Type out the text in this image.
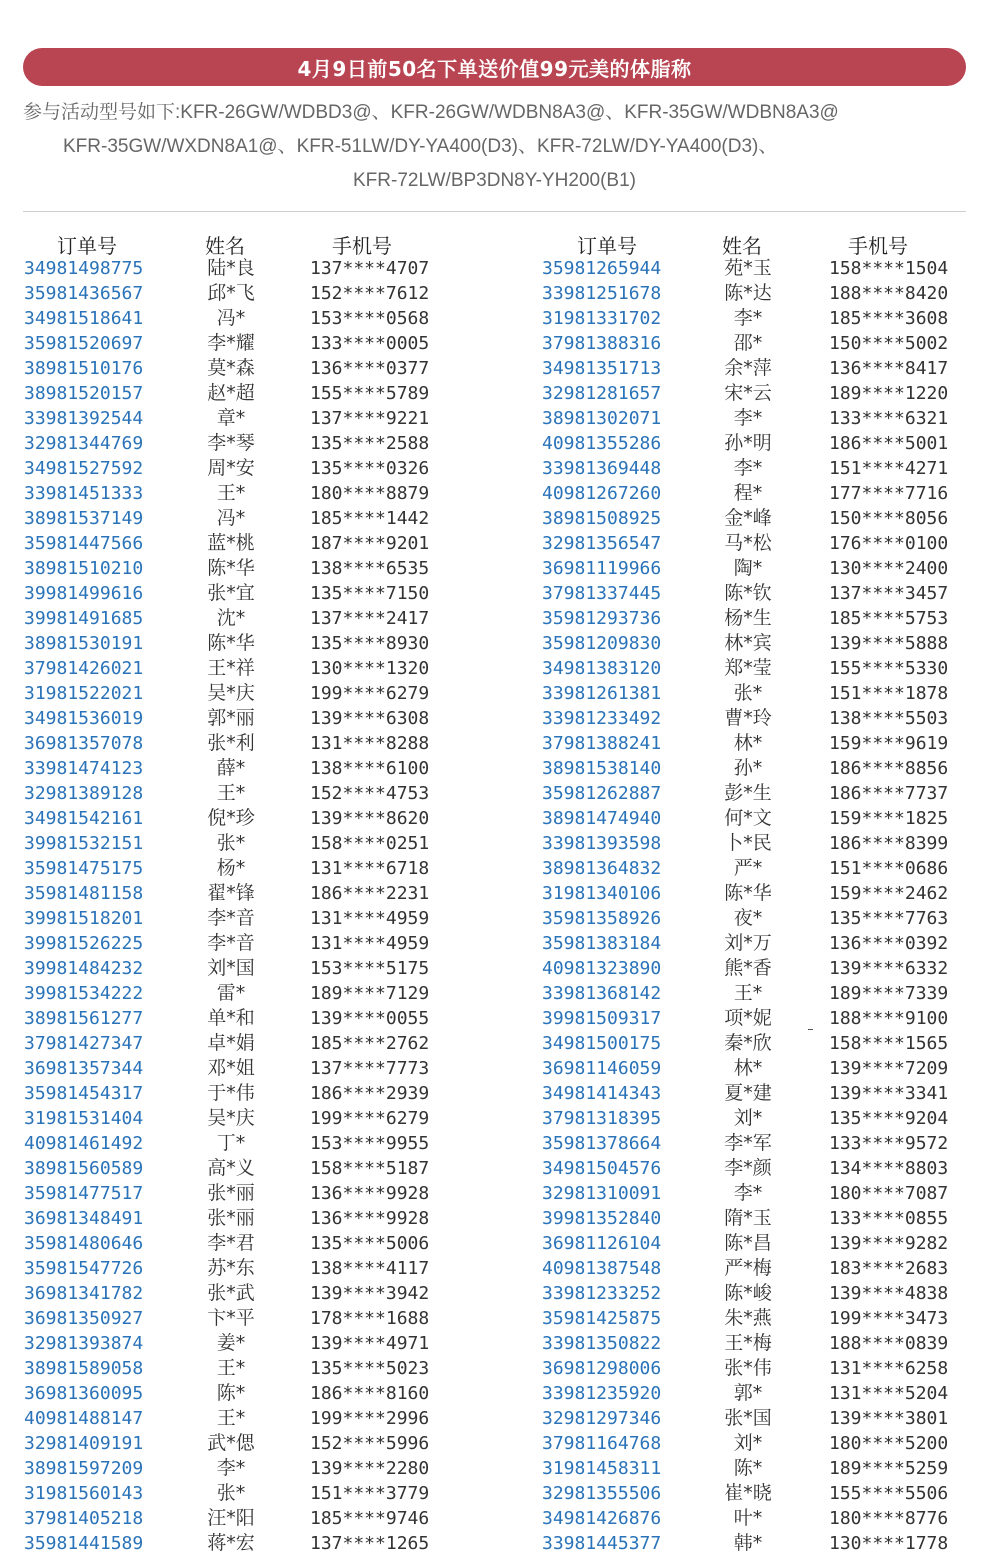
4月9日前50名下单送价值99元美的体脂称
参与活动型号如下:KFR-26GW/WDBD3@、KFR-26GW/WDBN8A3@、KFR-35GW/WDBN8A3@
KFR-35GW/WXDN8A1@、KFR-51LW/DY-YA400(D3)、KFR-72LW/DY-YA400(D3)、
KFR-72LW/BP3DN8Y-YH200(B1)
订单号	姓名	手机号
34981498775	陆*良	137****4707
35981436567	邱*飞	152****7612
34981518641	冯*	153****0568
35981520697	李*耀	133****0005
38981510176	莫*森	136****0377
38981520157	赵*超	155****5789
33981392544	章*	137****9221
32981344769	李*琴	135****2588
34981527592	周*安	135****0326
33981451333	王*	180****8879
38981537149	冯*	185****1442
35981447566	蓝*桃	187****9201
38981510210	陈*华	138****6535
39981499616	张*宜	135****7150
39981491685	沈*	137****2417
38981530191	陈*华	135****8930
37981426021	王*祥	130****1320
31981522021	吴*庆	199****6279
34981536019	郭*丽	139****6308
36981357078	张*利	131****8288
33981474123	薛*	138****6100
32981389128	王*	152****4753
34981542161	倪*珍	139****8620
39981532151	张*	158****0251
35981475175	杨*	131****6718
35981481158	翟*锋	186****2231
39981518201	李*音	131****4959
39981526225	李*音	131****4959
39981484232	刘*国	153****5175
39981534222	雷*	189****7129
38981561277	单*和	139****0055
37981427347	卓*娟	185****2762
36981357344	邓*姐	137****7773
35981454317	于*伟	186****2939
31981531404	吴*庆	199****6279
40981461492	丁*	153****9955
38981560589	高*义	158****5187
35981477517	张*丽	136****9928
36981348491	张*丽	136****9928
35981480646	李*君	135****5006
35981547726	苏*东	138****4117
36981341782	张*武	139****3942
36981350927	卞*平	178****1688
32981393874	姜*	139****4971
38981589058	王*	135****5023
36981360095	陈*	186****8160
40981488147	王*	199****2996
32981409191	武*偲	152****5996
38981597209	李*	139****2280
31981560143	张*	151****3779
37981405218	汪*阳	185****9746
35981441589	蒋*宏	137****1265
订单号	姓名	手机号
35981265944	苑*玉	158****1504
33981251678	陈*达	188****8420
31981331702	李*	185****3608
37981388316	邵*	150****5002
34981351713	余*萍	136****8417
32981281657	宋*云	189****1220
38981302071	李*	133****6321
40981355286	孙*明	186****5001
33981369448	李*	151****4271
40981267260	程*	177****7716
38981508925	金*峰	150****8056
32981356547	马*松	176****0100
36981119966	陶*	130****2400
37981337445	陈*钦	137****3457
35981293736	杨*生	185****5753
35981209830	林*宾	139****5888
34981383120	郑*莹	155****5330
33981261381	张*	151****1878
33981233492	曹*玲	138****5503
37981388241	林*	159****9619
38981538140	孙*	186****8856
35981262887	彭*生	186****7737
38981474940	何*文	159****1825
33981393598	卜*民	186****8399
38981364832	严*	151****0686
31981340106	陈*华	159****2462
35981358926	夜*	135****7763
35981383184	刘*万	136****0392
40981323890	熊*香	139****6332
33981368142	王*	189****7339
39981509317	项*妮	188****9100
34981500175	秦*欣	158****1565
36981146059	林*	139****7209
34981414343	夏*建	139****3341
37981318395	刘*	135****9204
35981378664	李*军	133****9572
34981504576	李*颜	134****8803
32981310091	李*	180****7087
39981352840	隋*玉	133****0855
36981126104	陈*昌	139****9282
40981387548	严*梅	183****2683
33981233252	陈*峻	139****4838
35981425875	朱*燕	199****3473
33981350822	王*梅	188****0839
36981298006	张*伟	131****6258
33981235920	郭*	131****5204
32981297346	张*国	139****3801
37981164768	刘*	180****5200
31981458311	陈*	189****5259
32981355506	崔*晓	155****5506
34981426876	叶*	180****8776
33981445377	韩*	130****1778
